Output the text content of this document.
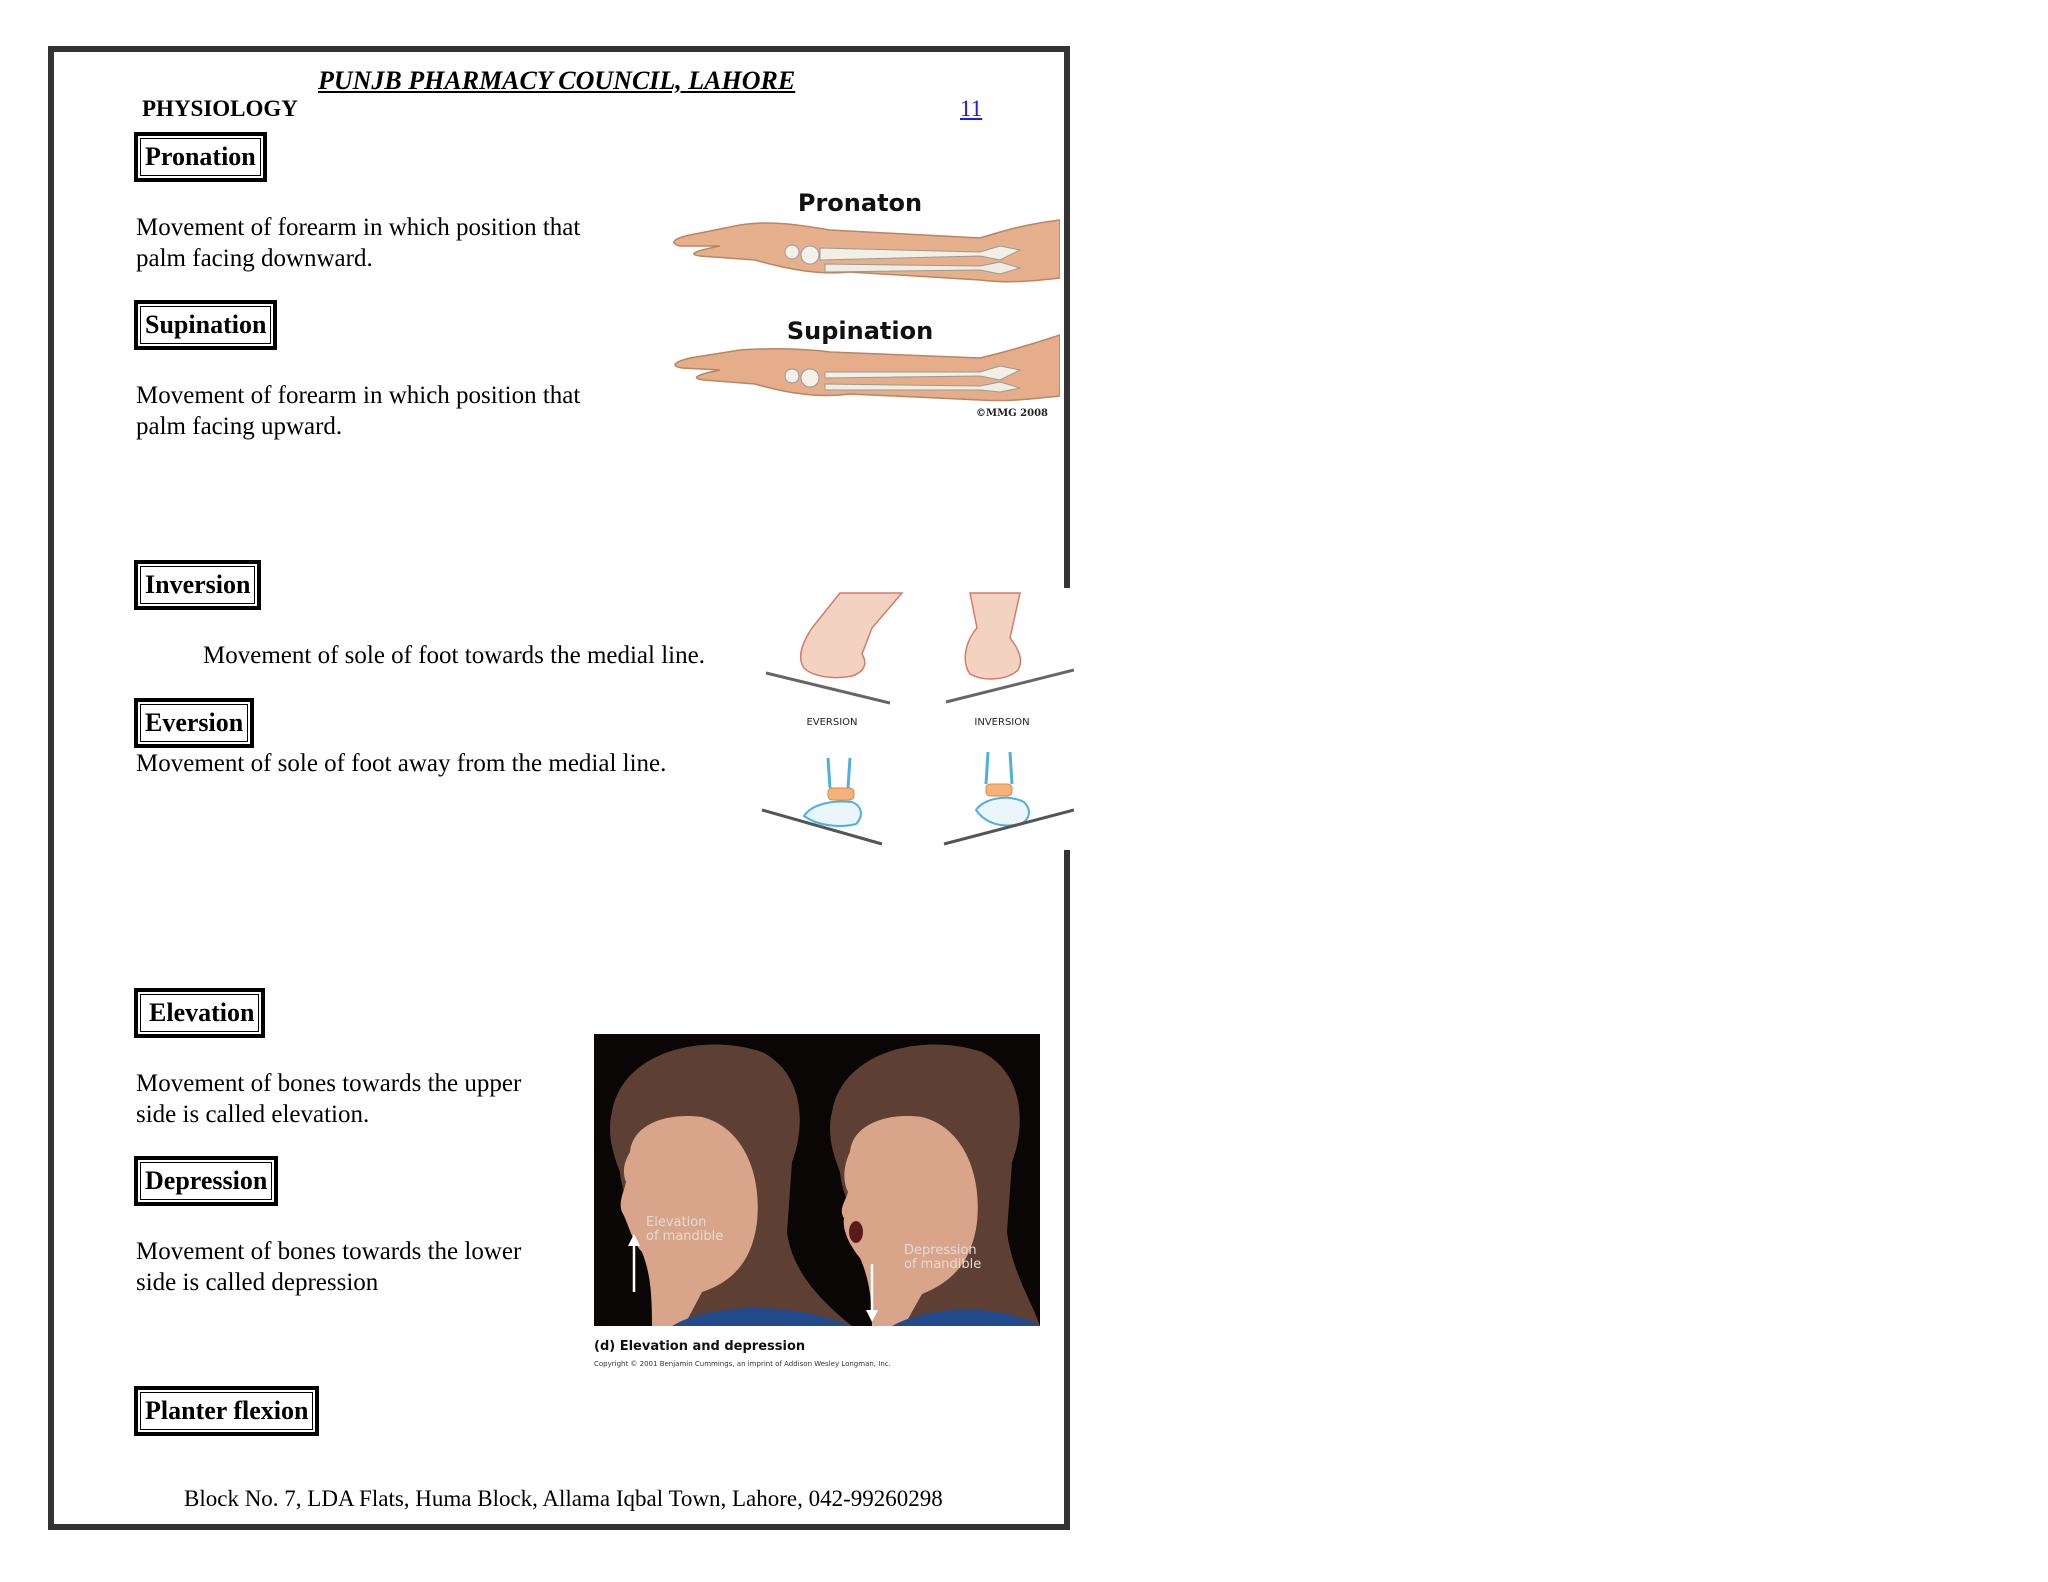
PUNJB PHARMACY COUNCIL, LAHORE
PHYSIOLOGY	11
Pronation
Movement of forearm in which position that
palm facing downward.
Supination
Movement of forearm in which position that
palm facing upward.
Pronaton
Supination
©MMG 2008
Inversion
Movement of sole of foot towards the medial line.
Eversion
Movement of sole of foot away from the medial line.
EVERSION	INVERSION
Elevation
Movement of bones towards the upper
side is called elevation.
Depression
Movement of bones towards the lower
side is called depression
Elevation
of mandible
Depression
of mandible
(d) Elevation and depression
Copyright © 2001 Benjamin Cummings, an imprint of Addison Wesley Longman, Inc.
Planter flexion
Block No. 7, LDA Flats, Huma Block, Allama Iqbal Town, Lahore, 042-99260298
